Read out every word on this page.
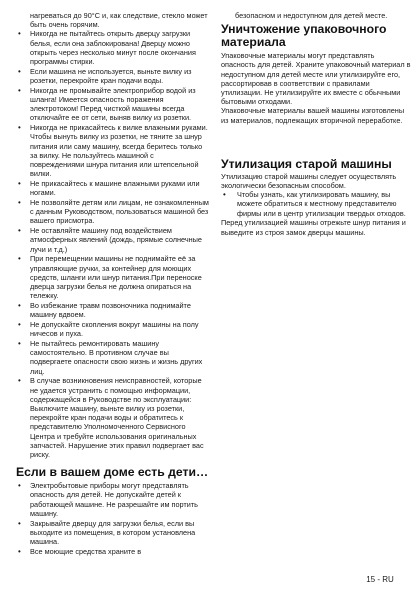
нагреваться до 90°C и, как следствие, стекло может быть очень горячим.

• Никогда не пытайтесь открыть дверцу загрузки белья, если она заблокирована! Дверцу можно открыть через несколько минут после окончания программы стирки.
• Если машина не используется, выньте вилку из розетки, перекройте кран подачи воды.
• Никогда не промывайте электроприбор водой из шланга! Имеется опасность поражения электротоком! Перед чисткой машины всегда отключайте ее от сети, выняв вилку из розетки.
• Никогда не прикасайтесь к вилке влажными руками. Чтобы вынуть вилку из розетки, не тяните за шнур питания или саму машину, всегда беритесь только за вилку. Не пользуйтесь машиной с повреждениями шнура питания или штепсельной вилки.
• Не прикасайтесь к машине влажными руками или ногами.
• Не позволяйте детям или лицам, не ознакомленным с данным Руководством, пользоваться машиной без вашего присмотра.
• Не оставляйте машину под воздействием атмосферных явлений (дождь, прямые солнечные лучи и т.д.)
• При перемещении машины не поднимайте её за управляющие ручки, за контейнер для моющих средств, шланги или шнур питания.При переноске дверца загрузки белья не должна опираться на тележку.
• Во избежание травм позвоночника поднимайте машину вдвоем.
• Не допускайте скопления вокруг машины на полу ничесов и пуха.
• Не пытайтесь ремонтировать машину самостоятельно. В противном случае вы подвергаете опасности свою жизнь и жизнь других лиц.
• В случае возникновения неисправностей, которые не удается устранить с помощью информации, содержащейся в Руководстве по эксплуатации: Выключите машину, выньте вилку из розетки, перекройте кран подачи воды и обратитесь к представителю Уполномоченного Сервисного Центра и требуйте использования оригинальных запчастей. Нарушение этих правил подвергает вас риску.
Если в вашем доме есть дети…
• Электробытовые приборы могут представлять опасность для детей. Не допускайте детей к работающей машине. Не разрешайте им портить машину.
• Закрывайте дверцу для загрузки белья, если вы выходите из помещения, в котором установлена машина.
• Все моющие средства храните в

безопасном и недоступном для детей месте.

Уничтожение упаковочного материала

Упаковочные материалы могут представлять опасность для детей. Храните упаковочный материал в недоступном для детей месте или утилизируйте его, рассортировав в соответствии с правилами утилизации. Не утилизируйте их вместе с обычными бытовыми отходами.

Упаковочные материалы вашей машины изготовлены из материалов, подлежащих вторичной переработке.

Утилизация старой машины

Утилизацию старой машины следует осуществлять экологически безопасным способом.

• Чтобы узнать, как утилизировать машину, вы можете обратиться к местному представителю фирмы или в центр утилизации твердых отходов.

Перед утилизацией машины отрежьте шнур питания и выведите из строя замок дверцы машины.

15 - RU
